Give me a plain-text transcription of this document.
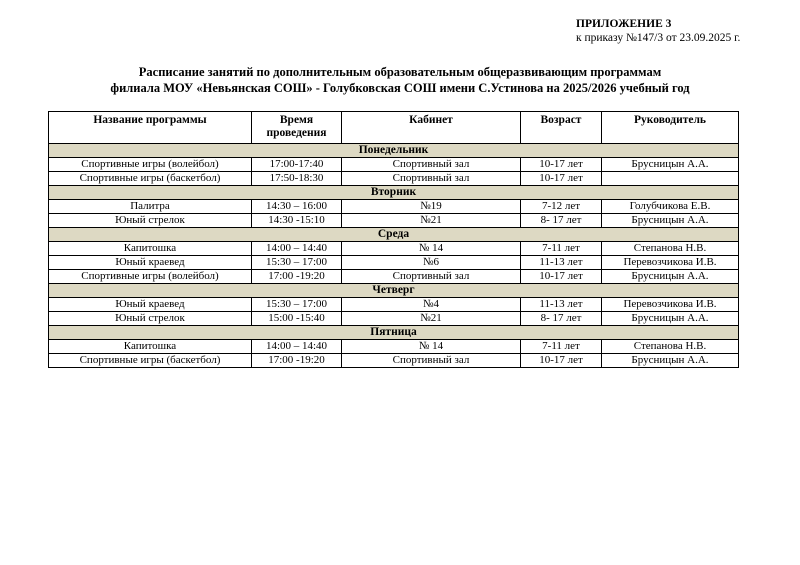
ПРИЛОЖЕНИЕ 3
к приказу №147/3 от 23.09.2025 г.
Расписание занятий по дополнительным образовательным общеразвивающим программам
филиала МОУ «Невьянская СОШ» - Голубковская СОШ имени С.Устинова на 2025/2026 учебный год
Название программы	Время проведения	Кабинет	Возраст	Руководитель
Понедельник				
Спортивные игры (волейбол)	17:00-17:40	Спортивный зал	10-17 лет	Брусницын А.А.
Спортивные игры (баскетбол)	17:50-18:30	Спортивный зал	10-17 лет	
Вторник				
Палитра	14:30 – 16:00	№19	7-12 лет	Голубчикова Е.В.
Юный стрелок	14:30 -15:10	№21	8- 17 лет	Брусницын А.А.
Среда				
Капитошка	14:00 – 14:40	№ 14	7-11 лет	Степанова Н.В.
Юный краевед	15:30 – 17:00	№6	11-13 лет	Перевозчикова И.В.
Спортивные игры (волейбол)	17:00 -19:20	Спортивный зал	10-17 лет	Брусницын А.А.
Четверг				
Юный краевед	15:30 – 17:00	№4	11-13 лет	Перевозчикова И.В.
Юный стрелок	15:00 -15:40	№21	8- 17 лет	Брусницын А.А.
Пятница				
Капитошка	14:00 – 14:40	№ 14	7-11 лет	Степанова Н.В.
Спортивные игры (баскетбол)	17:00 -19:20	Спортивный зал	10-17 лет	Брусницын А.А.
